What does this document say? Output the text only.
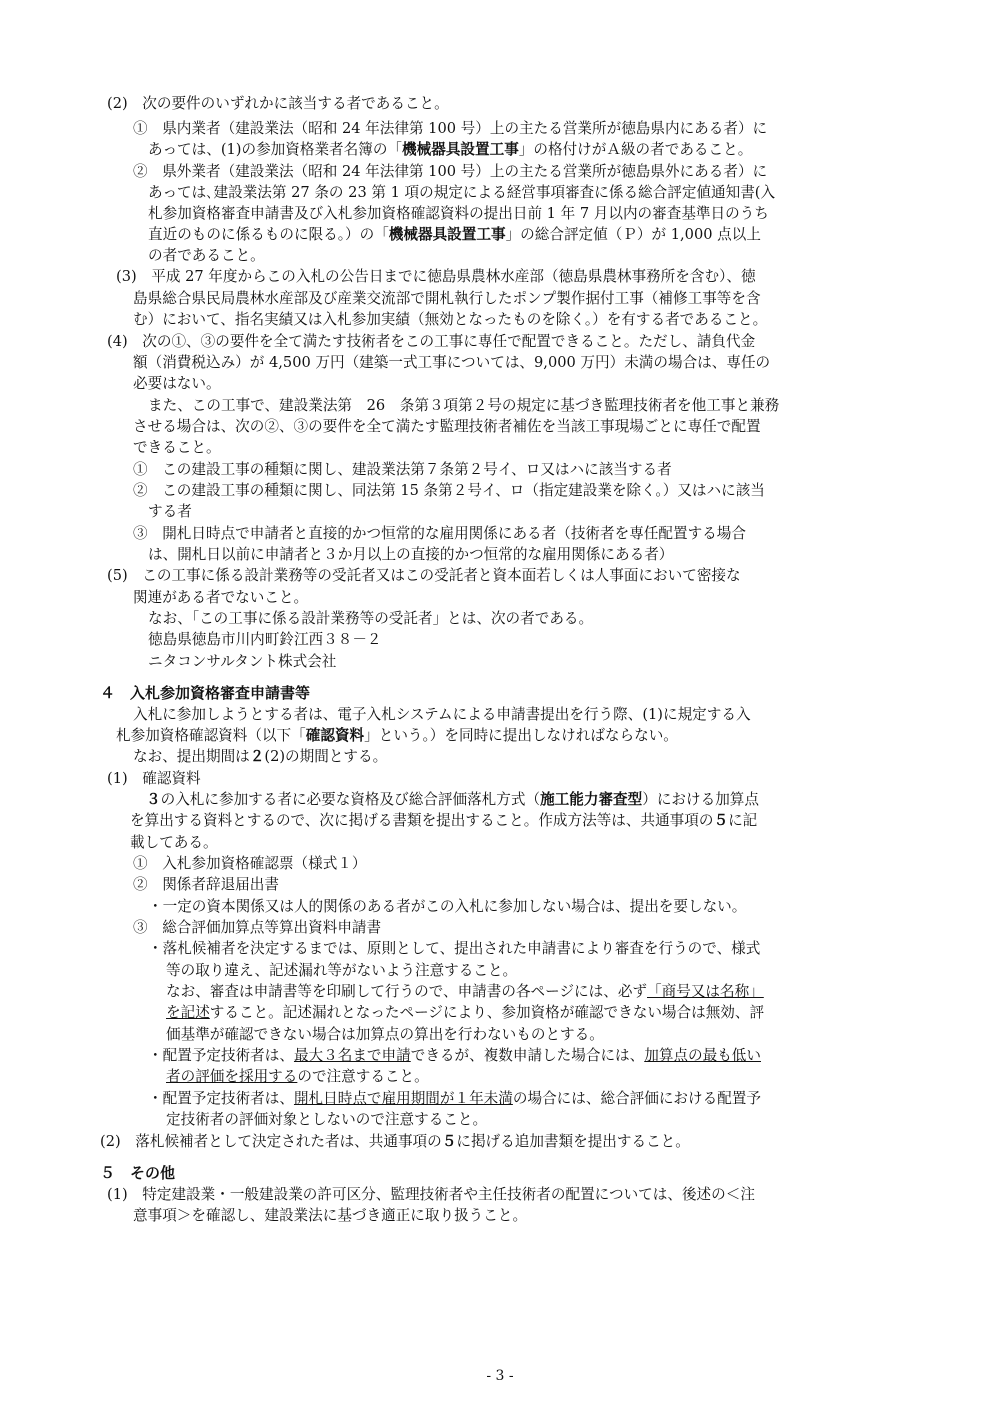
(2)　次の要件のいずれかに該当する者であること。
①　県内業者（建設業法（昭和 24 年法律第 100 号）上の主たる営業所が徳島県内にある者）に
あっては、(1)の参加資格業者名簿の「機械器具設置工事」の格付けがＡ級の者であること。
②　県外業者（建設業法（昭和 24 年法律第 100 号）上の主たる営業所が徳島県外にある者）に
あっては､建設業法第 27 条の 23 第 1 項の規定による経営事項審査に係る総合評定値通知書(入
札参加資格審査申請書及び入札参加資格確認資料の提出日前 1 年 7 月以内の審査基準日のうち
直近のものに係るものに限る。）の「機械器具設置工事」の総合評定値（Ｐ）が 1,000 点以上
の者であること。
(3)　平成 27 年度からこの入札の公告日までに徳島県農林水産部（徳島県農林事務所を含む）、徳
島県総合県民局農林水産部及び産業交流部で開札執行したポンプ製作据付工事（補修工事等を含
む）において、指名実績又は入札参加実績（無効となったものを除く。）を有する者であること。
(4)　次の①、③の要件を全て満たす技術者をこの工事に専任で配置できること。ただし、請負代金
額（消費税込み）が 4,500 万円（建築一式工事については、9,000 万円）未満の場合は、専任の
必要はない。
また、この工事で、建設業法第　26　条第３項第２号の規定に基づき監理技術者を他工事と兼務
させる場合は、次の②、③の要件を全て満たす監理技術者補佐を当該工事現場ごとに専任で配置
できること。
①　この建設工事の種類に関し、建設業法第７条第２号イ、ロ又はハに該当する者
②　この建設工事の種類に関し、同法第 15 条第２号イ、ロ（指定建設業を除く。）又はハに該当
する者
③　開札日時点で申請者と直接的かつ恒常的な雇用関係にある者（技術者を専任配置する場合
は、開札日以前に申請者と３か月以上の直接的かつ恒常的な雇用関係にある者）
(5)　この工事に係る設計業務等の受託者又はこの受託者と資本面若しくは人事面において密接な
関連がある者でないこと。
なお、「この工事に係る設計業務等の受託者」とは、次の者である。
徳島県徳島市川内町鈴江西３８－２
ニタコンサルタント株式会社
４　入札参加資格審査申請書等
入札に参加しようとする者は、電子入札システムによる申請書提出を行う際、(1)に規定する入
札参加資格確認資料（以下「確認資料」という。）を同時に提出しなければならない。
なお、提出期間は２(2)の期間とする。
(1)　確認資料
３の入札に参加する者に必要な資格及び総合評価落札方式（施工能力審査型）における加算点
を算出する資料とするので、次に掲げる書類を提出すること。作成方法等は、共通事項の５に記
載してある。
①　入札参加資格確認票（様式１）
②　関係者辞退届出書
・一定の資本関係又は人的関係のある者がこの入札に参加しない場合は、提出を要しない。
③　総合評価加算点等算出資料申請書
・落札候補者を決定するまでは、原則として、提出された申請書により審査を行うので、様式
等の取り違え、記述漏れ等がないよう注意すること。
なお、審査は申請書等を印刷して行うので、申請書の各ページには、必ず「商号又は名称」
を記述すること。記述漏れとなったページにより、参加資格が確認できない場合は無効、評
価基準が確認できない場合は加算点の算出を行わないものとする。
・配置予定技術者は、最大３名まで申請できるが、複数申請した場合には、加算点の最も低い
者の評価を採用するので注意すること。
・配置予定技術者は、開札日時点で雇用期間が１年未満の場合には、総合評価における配置予
定技術者の評価対象としないので注意すること。
(2)　落札候補者として決定された者は、共通事項の５に掲げる追加書類を提出すること。
５　その他
(1)　特定建設業・一般建設業の許可区分、監理技術者や主任技術者の配置については、後述の＜注
意事項＞を確認し、建設業法に基づき適正に取り扱うこと。
- 3 -
